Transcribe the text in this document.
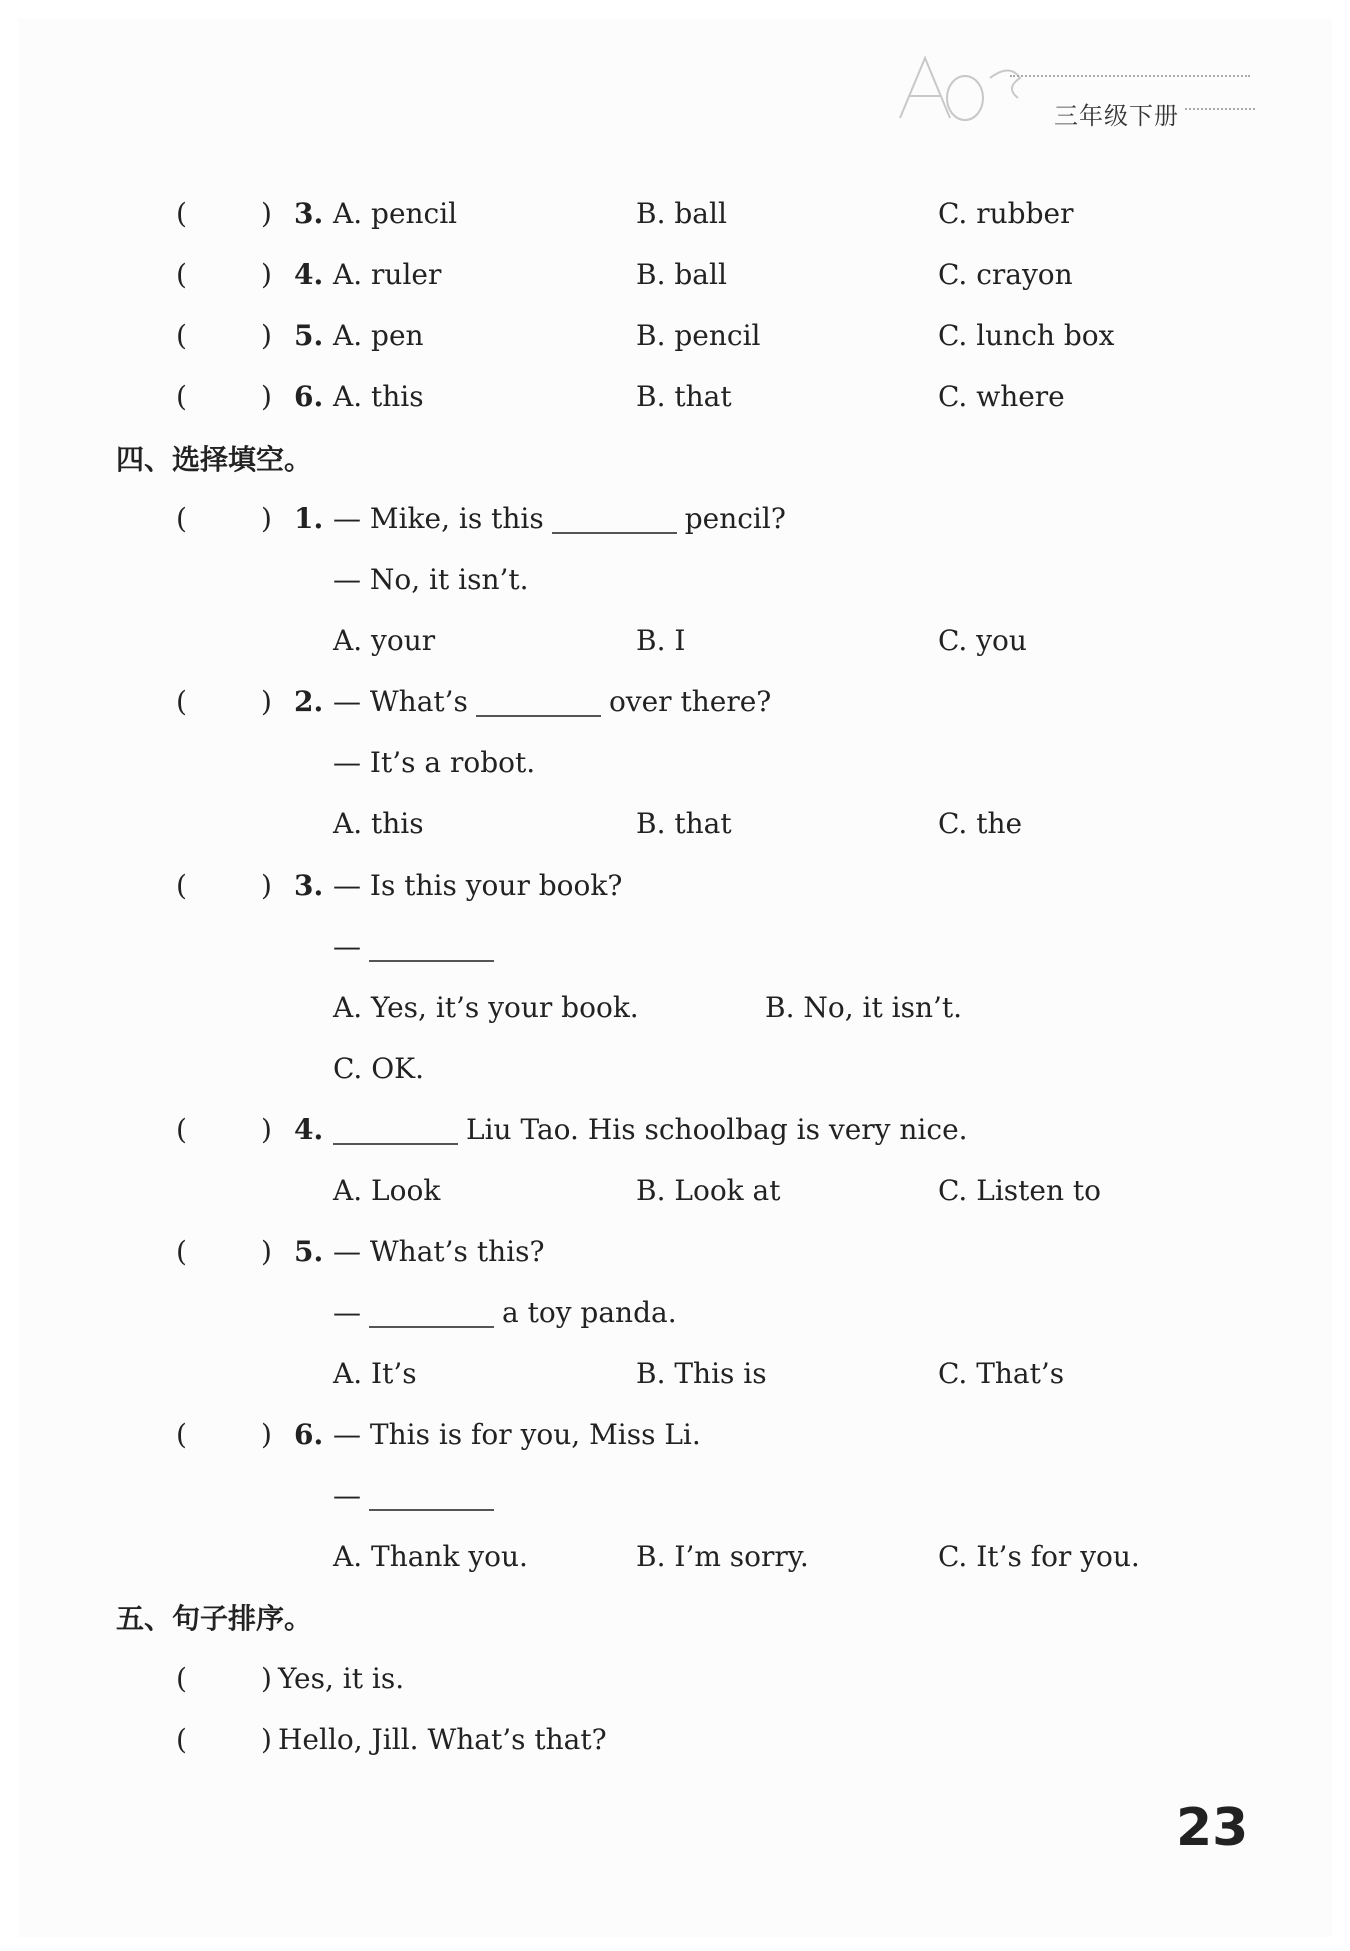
三年级下册
(	) 3. A. pencil	B. ball	C. rubber
(	) 4. A. ruler	B. ball	C. crayon
(	) 5. A. pen	B. pencil	C. lunch box
(	) 6. A. this	B. that	C. where
四、选择填空。
(	) 1. — Mike, is this	pencil?
— No, it isn’t.
A. your	B. I	C. you
(	) 2. — What’s	over there?
— It’s a robot.
A. this	B. that	C. the
(	) 3. — Is this your book?
—
A. Yes, it’s your book.	B. No, it isn’t.
C. OK.
(	) 4.	Liu Tao. His schoolbag is very nice.
A. Look	B. Look at	C. Listen to
(	) 5. — What’s this?
—	a toy panda.
A. It’s	B. This is	C. That’s
(	) 6. — This is for you, Miss Li.
—
A. Thank you.	B. I’m sorry.	C. It’s for you.
五、句子排序。
(	) Yes, it is.
(	) Hello, Jill. What’s that?
23
